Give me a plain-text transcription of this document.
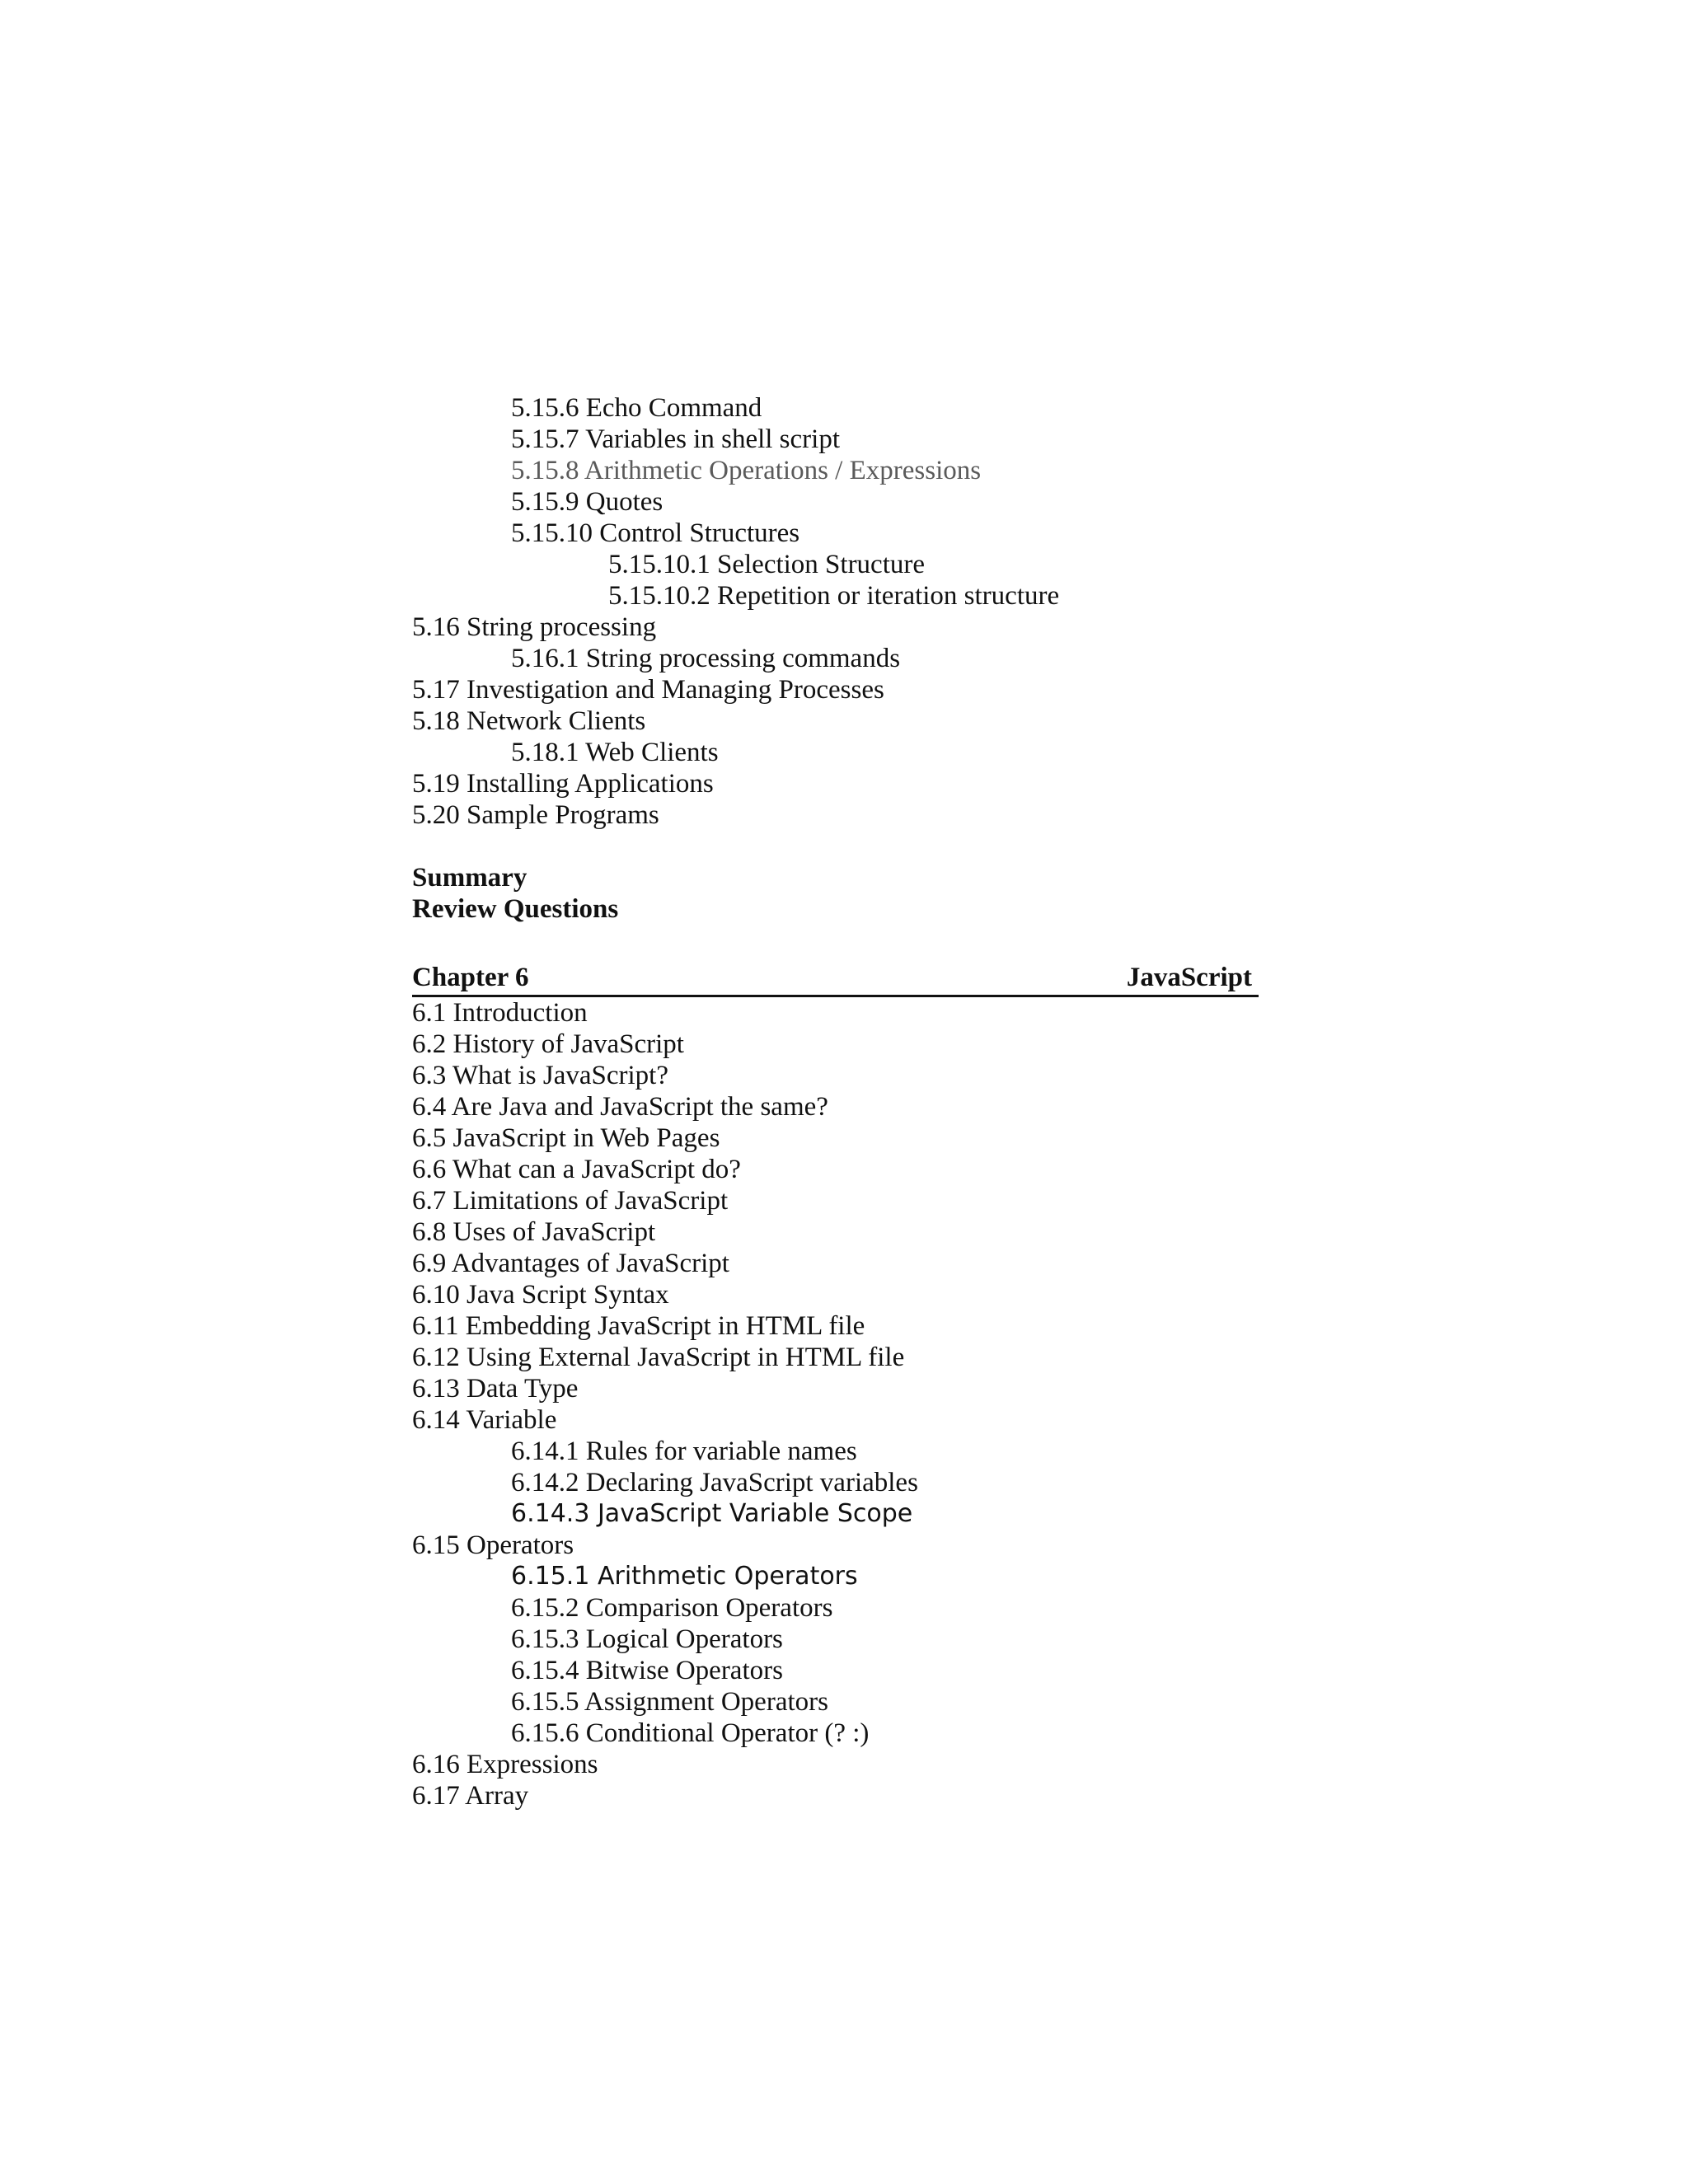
5.15.6 Echo Command
5.15.7 Variables in shell script
5.15.8 Arithmetic Operations / Expressions
5.15.9 Quotes
5.15.10 Control Structures
5.15.10.1 Selection Structure
5.15.10.2 Repetition or iteration structure
5.16 String processing
5.16.1 String processing commands
5.17 Investigation and Managing Processes
5.18 Network Clients
5.18.1 Web Clients
5.19 Installing Applications
5.20 Sample Programs
Summary
Review Questions
Chapter 6	JavaScript
6.1 Introduction
6.2 History of JavaScript
6.3 What is JavaScript?
6.4 Are Java and JavaScript the same?
6.5 JavaScript in Web Pages
6.6 What can a JavaScript do?
6.7 Limitations of JavaScript
6.8 Uses of JavaScript
6.9 Advantages of JavaScript
6.10 Java Script Syntax
6.11 Embedding JavaScript in HTML file
6.12 Using External JavaScript in HTML file
6.13 Data Type
6.14 Variable
6.14.1 Rules for variable names
6.14.2 Declaring JavaScript variables
6.14.3 JavaScript Variable Scope
6.15 Operators
6.15.1 Arithmetic Operators
6.15.2 Comparison Operators
6.15.3 Logical Operators
6.15.4 Bitwise Operators
6.15.5 Assignment Operators
6.15.6 Conditional Operator (? :)
6.16 Expressions
6.17 Array
